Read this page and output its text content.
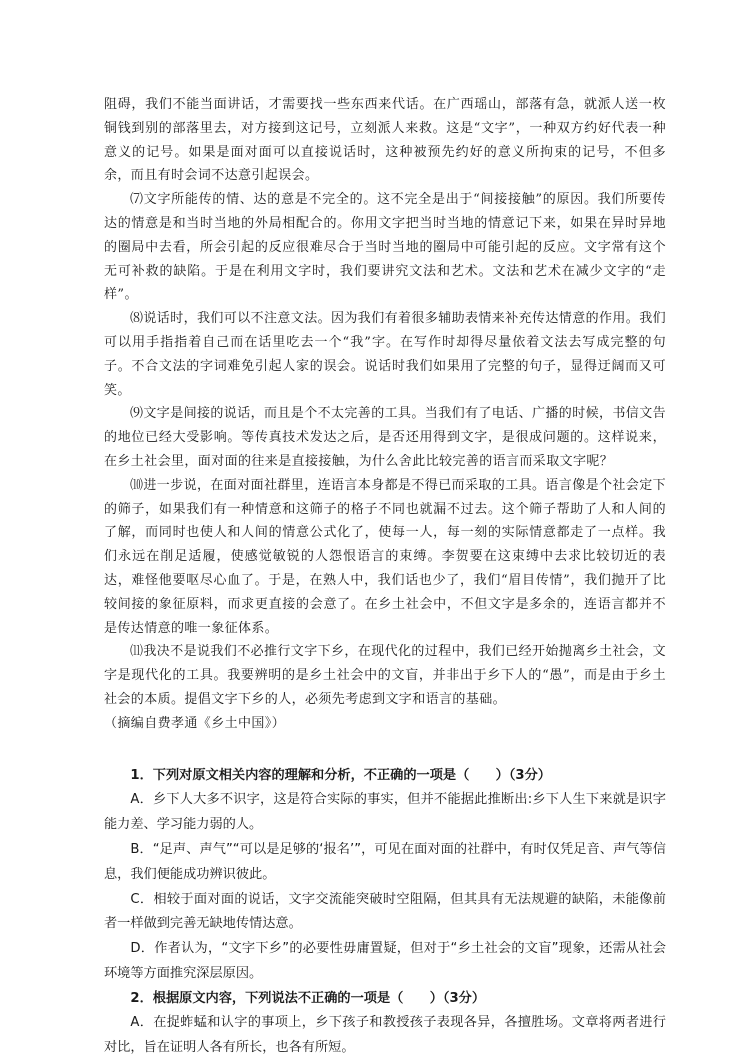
阻碍，我们不能当面讲话，才需要找一些东西来代话。在广西瑶山，部落有急，就派人送一枚铜钱到别的部落里去，对方接到这记号，立刻派人来救。这是“文字”，一种双方约好代表一种意义的记号。如果是面对面可以直接说话时，这种被预先约好的意义所拘束的记号，不但多余，而且有时会词不达意引起误会。

⑺文字所能传的情、达的意是不完全的。这不完全是出于“间接接触”的原因。我们所要传达的情意是和当时当地的外局相配合的。你用文字把当时当地的情意记下来，如果在异时异地的圈局中去看，所会引起的反应很难尽合于当时当地的圈局中可能引起的反应。文字常有这个无可补救的缺陷。于是在利用文字时，我们要讲究文法和艺术。文法和艺术在减少文字的“走样”。

⑻说话时，我们可以不注意文法。因为我们有着很多辅助表情来补充传达情意的作用。我们可以用手指指着自己而在话里吃去一个“我”字。在写作时却得尽量依着文法去写成完整的句子。不合文法的字词难免引起人家的误会。说话时我们如果用了完整的句子，显得迂阔而又可笑。

⑼文字是间接的说话，而且是个不太完善的工具。当我们有了电话、广播的时候，书信文告的地位已经大受影响。等传真技术发达之后，是否还用得到文字，是很成问题的。这样说来，在乡土社会里，面对面的往来是直接接触，为什么舍此比较完善的语言而采取文字呢？

⑽进一步说，在面对面社群里，连语言本身都是不得已而采取的工具。语言像是个社会定下的筛子，如果我们有一种情意和这筛子的格子不同也就漏不过去。这个筛子帮助了人和人间的了解，而同时也使人和人间的情意公式化了，使每一人，每一刻的实际情意都走了一点样。我们永远在削足适履，使感觉敏锐的人怨恨语言的束缚。李贺要在这束缚中去求比较切近的表达，难怪他要呕尽心血了。于是，在熟人中，我们话也少了，我们“眉目传情”，我们抛开了比较间接的象征原料，而求更直接的会意了。在乡土社会中，不但文字是多余的，连语言都并不是传达情意的唯一象征体系。

⑾我决不是说我们不必推行文字下乡，在现代化的过程中，我们已经开始抛离乡土社会，文字是现代化的工具。我要辨明的是乡土社会中的文盲，并非出于乡下人的“愚”，而是由于乡土社会的本质。提倡文字下乡的人，必须先考虑到文字和语言的基础。

（摘编自费孝通《乡土中国》）

1．下列对原文相关内容的理解和分析，不正确的一项是（　　）（3分）

A．乡下人大多不识字，这是符合实际的事实，但并不能据此推断出:乡下人生下来就是识字能力差、学习能力弱的人。

B．“足声、声气”“可以是足够的‘报名’”，可见在面对面的社群中，有时仅凭足音、声气等信息，我们便能成功辨识彼此。

C．相较于面对面的说话，文字交流能突破时空阻隔，但其具有无法规避的缺陷，未能像前者一样做到完善无缺地传情达意。

D．作者认为，“文字下乡”的必要性毋庸置疑，但对于“乡土社会的文盲”现象，还需从社会环境等方面推究深层原因。

2．根据原文内容，下列说法不正确的一项是（　　）（3分）

A．在捉蚱蜢和认字的事项上，乡下孩子和教授孩子表现各异，各擅胜场。文章将两者进行对比，旨在证明人各有所长，也各有所短。
